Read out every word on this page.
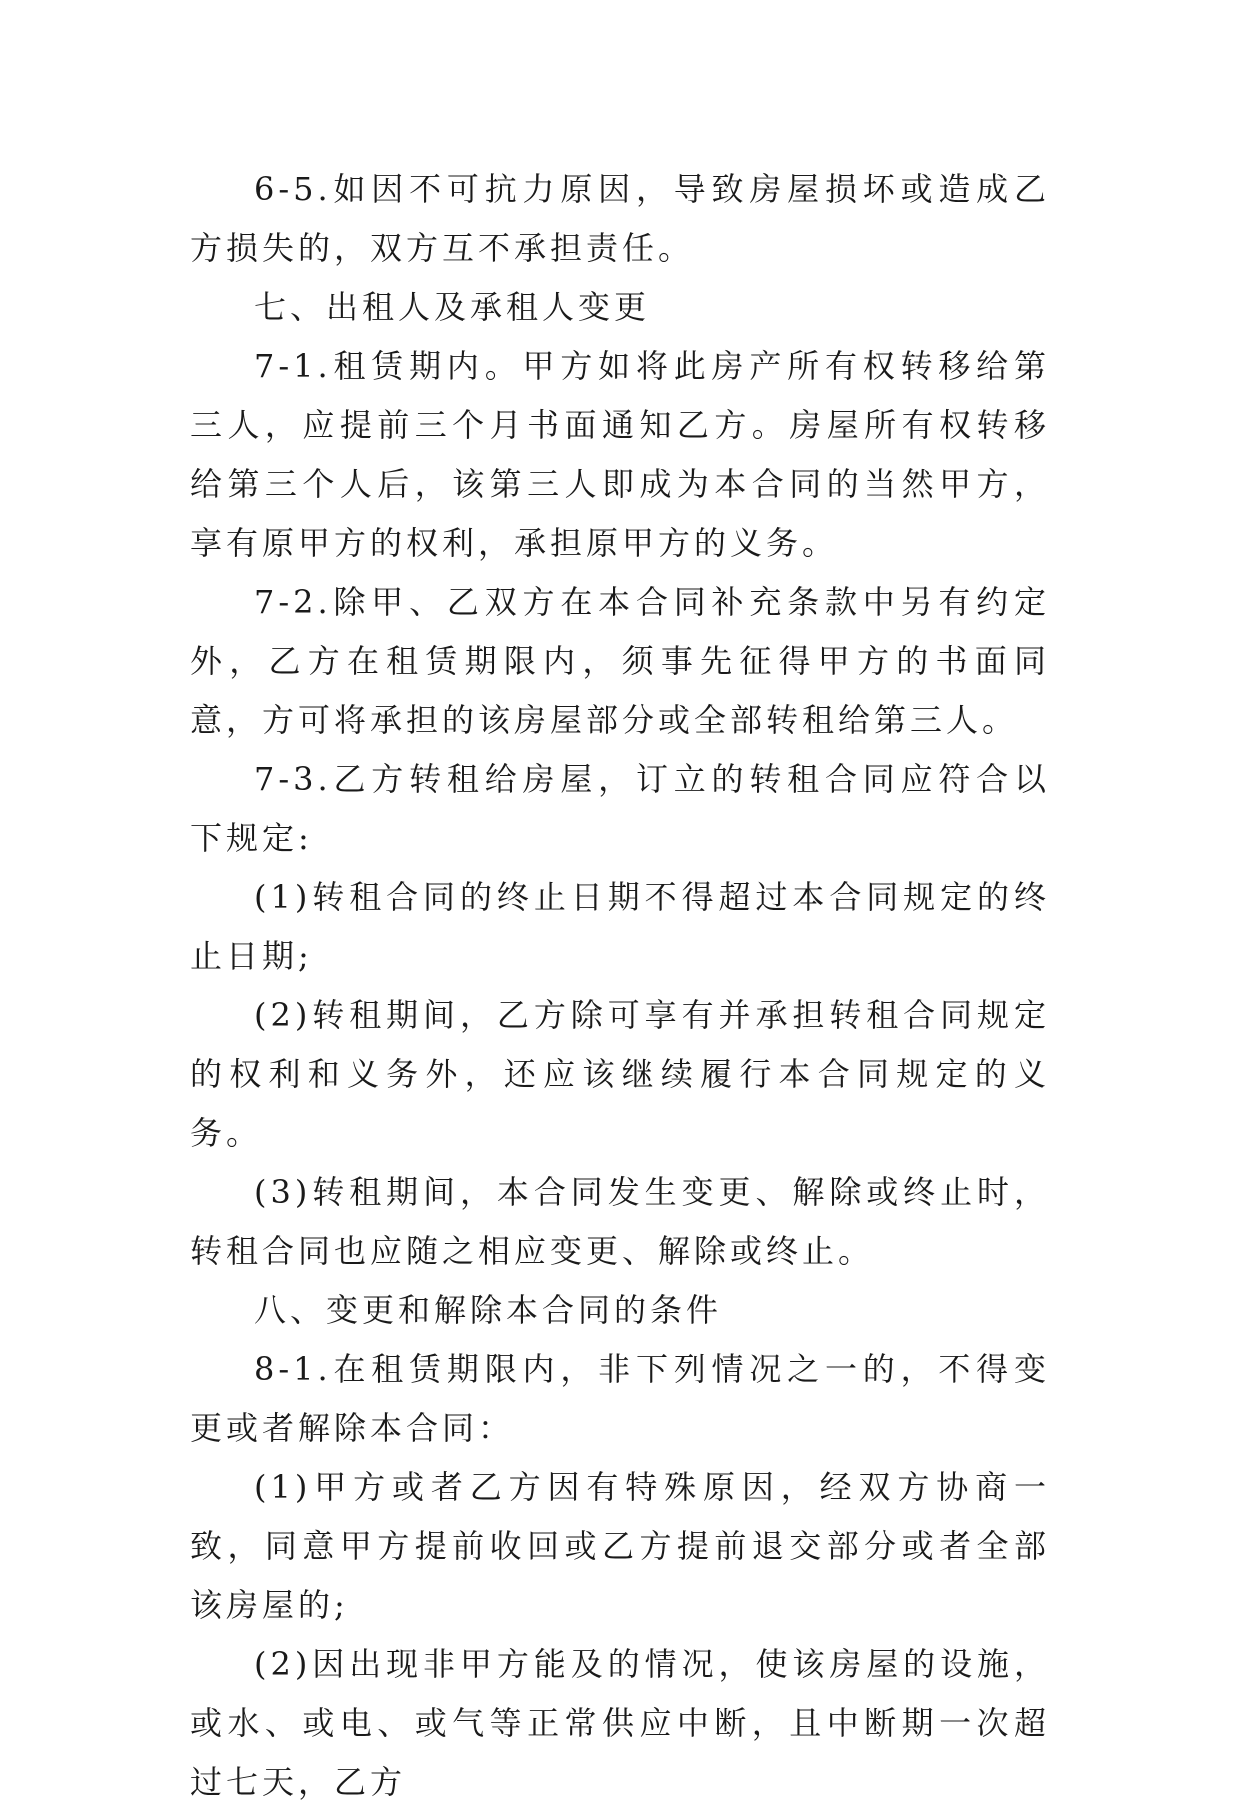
6-5.如因不可抗力原因，导致房屋损坏或造成乙方损失的，双方互不承担责任。

七、出租人及承租人变更

7-1.租赁期内。甲方如将此房产所有权转移给第三人，应提前三个月书面通知乙方。房屋所有权转移给第三个人后，该第三人即成为本合同的当然甲方，享有原甲方的权利，承担原甲方的义务。

7-2.除甲、乙双方在本合同补充条款中另有约定外，乙方在租赁期限内，须事先征得甲方的书面同意，方可将承担的该房屋部分或全部转租给第三人。

7-3.乙方转租给房屋，订立的转租合同应符合以下规定:

(1)转租合同的终止日期不得超过本合同规定的终止日期;

(2)转租期间，乙方除可享有并承担转租合同规定的权利和义务外，还应该继续履行本合同规定的义务。

(3)转租期间，本合同发生变更、解除或终止时，转租合同也应随之相应变更、解除或终止。

八、变更和解除本合同的条件

8-1.在租赁期限内，非下列情况之一的，不得变更或者解除本合同：

(1)甲方或者乙方因有特殊原因，经双方协商一致，同意甲方提前收回或乙方提前退交部分或者全部该房屋的;

(2)因出现非甲方能及的情况，使该房屋的设施，或水、或电、或气等正常供应中断，且中断期一次超过七天，乙方
